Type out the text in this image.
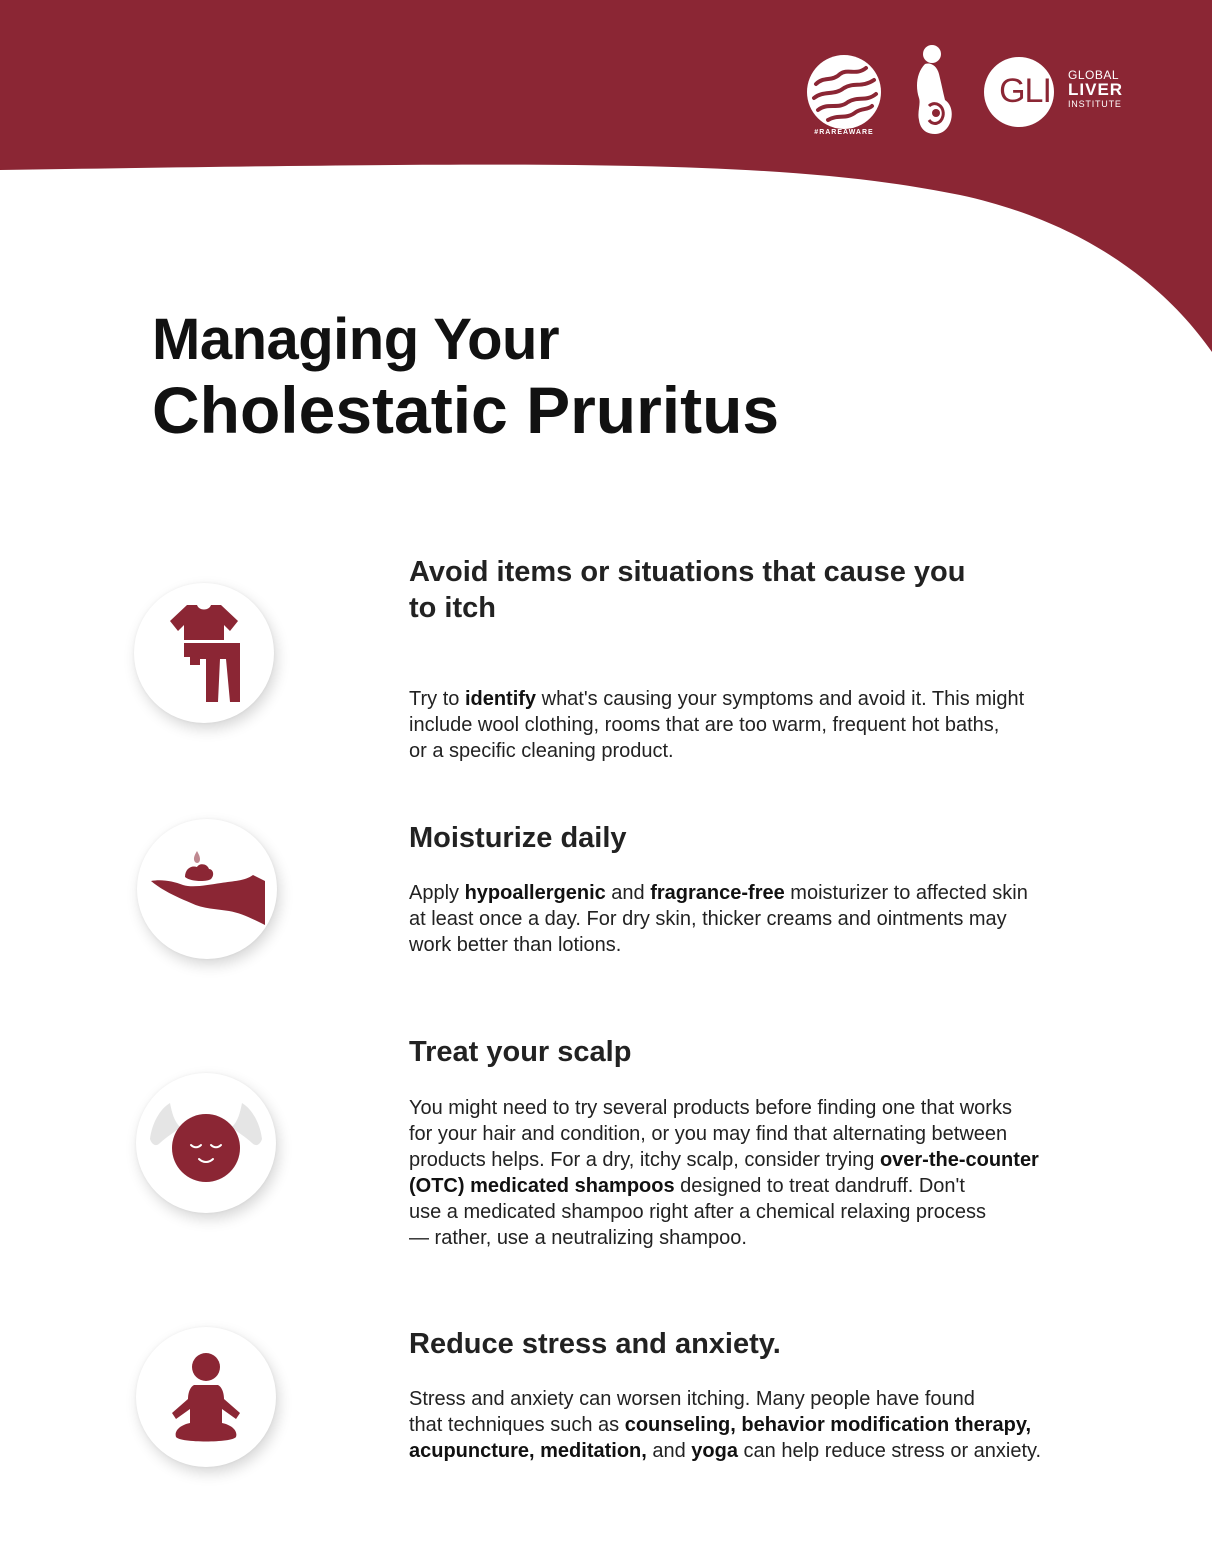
#RAREAWARE
GLI	GLOBAL
LIVER
INSTITUTE
Managing Your
Cholestatic Pruritus
Avoid items or situations that cause you
to itch

Try to identify what's causing your symptoms and avoid it. This might
include wool clothing, rooms that are too warm, frequent hot baths,
or a specific cleaning product.

Moisturize daily

Apply hypoallergenic and fragrance-free moisturizer to affected skin
at least once a day. For dry skin, thicker creams and ointments may
work better than lotions.

Treat your scalp

You might need to try several products before finding one that works
for your hair and condition, or you may find that alternating between
products helps. For a dry, itchy scalp, consider trying over-the-counter
(OTC) medicated shampoos designed to treat dandruff. Don't
use a medicated shampoo right after a chemical relaxing process
— rather, use a neutralizing shampoo.

Reduce stress and anxiety.

Stress and anxiety can worsen itching. Many people have found
that techniques such as counseling, behavior modification therapy,
acupuncture, meditation, and yoga can help reduce stress or anxiety.
